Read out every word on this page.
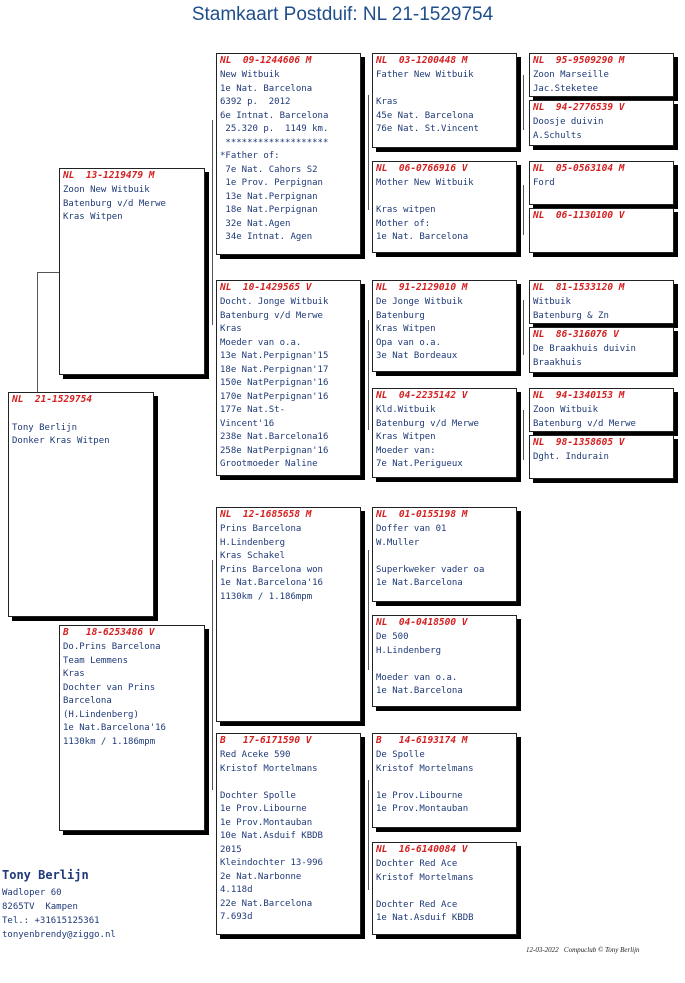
Stamkaart Postduif: NL 21-1529754
NL  21-1529754

Tony Berlijn
Donker Kras Witpen
NL  13-1219479 M
Zoon New Witbuik
Batenburg v/d Merwe
Kras Witpen
B   18-6253486 V
Do.Prins Barcelona
Team Lemmens
Kras
Dochter van Prins
Barcelona
(H.Lindenberg)
1e Nat.Barcelona'16
1130km / 1.186mpm
NL  09-1244606 M
New Witbuik
1e Nat. Barcelona
6392 p.  2012
6e Intnat. Barcelona
25.320 p.  1149 km.
*******************
*Father of:
7e Nat. Cahors S2
1e Prov. Perpignan
13e Nat.Perpignan
18e Nat.Perpignan
32e Nat.Agen
34e Intnat. Agen
NL  10-1429565 V
Docht. Jonge Witbuik
Batenburg v/d Merwe
Kras
Moeder van o.a.
13e Nat.Perpignan'15
18e Nat.Perpignan'17
150e NatPerpignan'16
170e NatPerpignan'16
177e Nat.St-
Vincent'16
238e Nat.Barcelona16
258e NatPerpignan'16
Grootmoeder Naline
NL  12-1685658 M
Prins Barcelona
H.Lindenberg
Kras Schakel
Prins Barcelona won
1e Nat.Barcelona'16
1130km / 1.186mpm
B   17-6171590 V
Red Aceke 590
Kristof Mortelmans

Dochter Spolle
1e Prov.Libourne
1e Prov.Montauban
10e Nat.Asduif KBDB
2015
Kleindochter 13-996
2e Nat.Narbonne
4.118d
22e Nat.Barcelona
7.693d
NL  03-1200448 M
Father New Witbuik

Kras
45e Nat. Barcelona
76e Nat. St.Vincent
NL  06-0766916 V
Mother New Witbuik

Kras witpen
Mother of:
1e Nat. Barcelona
NL  91-2129010 M
De Jonge Witbuik
Batenburg
Kras Witpen
Opa van o.a.
3e Nat Bordeaux
NL  04-2235142 V
Kld.Witbuik
Batenburg v/d Merwe
Kras Witpen
Moeder van:
7e Nat.Perigueux
NL  01-0155198 M
Doffer van 01
W.Muller

Superkweker vader oa
1e Nat.Barcelona
NL  04-0418500 V
De 500
H.Lindenberg

Moeder van o.a.
1e Nat.Barcelona
B   14-6193174 M
De Spolle
Kristof Mortelmans

1e Prov.Libourne
1e Prov.Montauban
NL  16-6140084 V
Dochter Red Ace
Kristof Mortelmans

Dochter Red Ace
1e Nat.Asduif KBDB
NL  95-9509290 M
Zoon Marseille
Jac.Steketee
NL  94-2776539 V
Doosje duivin
A.Schults
NL  05-0563104 M
Ford
NL  06-1130100 V
NL  81-1533120 M
Witbuik
Batenburg & Zn
NL  86-316076 V
De Braakhuis duivin
Braakhuis
NL  94-1340153 M
Zoon Witbuik
Batenburg v/d Merwe
NL  98-1358605 V
Dght. Indurain
Tony Berlijn
Wadloper 60
8265TV  Kampen
Tel.: +31615125361
tonyenbrendy@ziggo.nl
12-03-2022   Compuclub © Tony Berlijn
